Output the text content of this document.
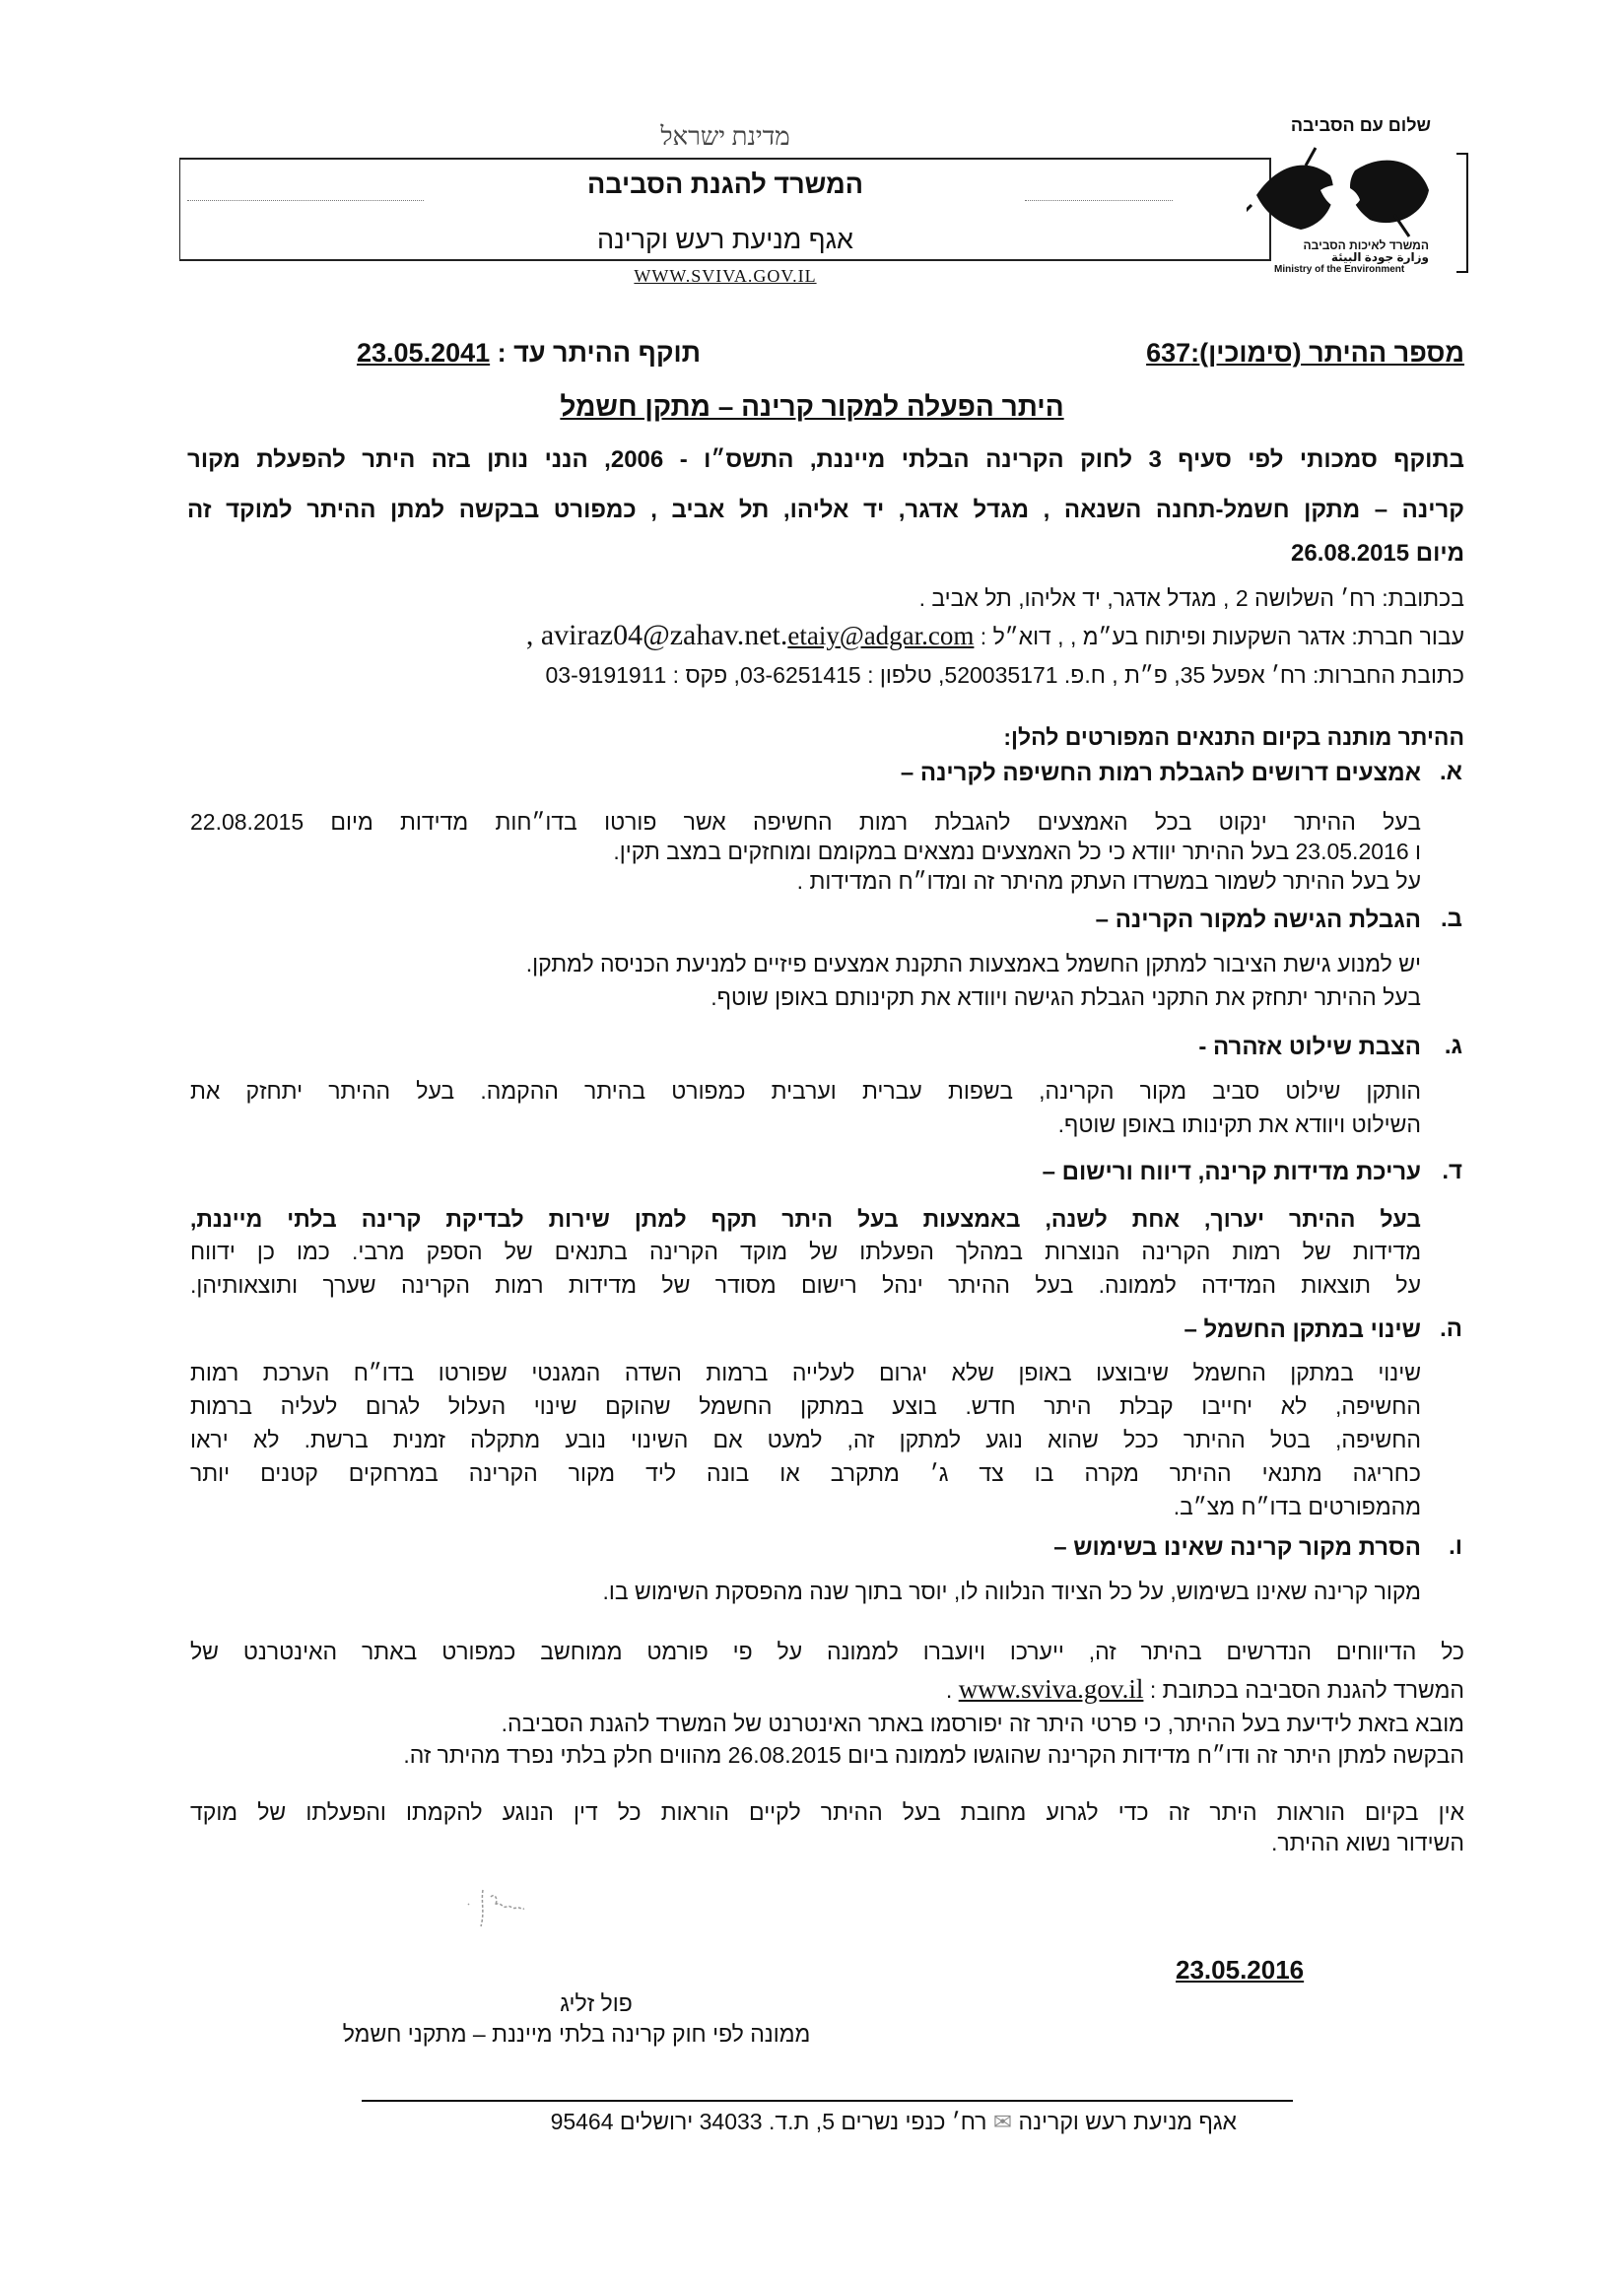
מדינת ישראל
המשרד להגנת הסביבה
אגף מניעת רעש וקרינה
WWW.SVIVA.GOV.IL
שלום עם הסביבה
המשרד לאיכות הסביבה
وزارة جودة البيئة
Ministry of the Environment
מספר ההיתר (סימוכין):637
תוקף ההיתר עד : 23.05.2041
היתר הפעלה למקור קרינה – מתקן חשמל
בתוקף סמכותי לפי סעיף 3 לחוק הקרינה הבלתי מייננת, התשס״ו - 2006, הנני נותן בזה היתר להפעלת מקור
קרינה – מתקן חשמל-תחנה השנאה , מגדל אדגר, יד אליהו, תל אביב , כמפורט בבקשה למתן ההיתר למוקד זה
מיום 26.08.2015
בכתובת: רח׳ השלושה 2 , מגדל אדגר, יד אליהו, תל אביב .
עבור חברת: אדגר השקעות ופיתוח בע״מ , , דוא״ל : etaiy@adgar.com, aviraz04@zahav.net.
כתובת החברות: רח׳ אפעל 35, פ״ת , ח.פ. 520035171, טלפון : 03-6251415, פקס : 03-9191911
ההיתר מותנה בקיום התנאים המפורטים להלן:
א.
אמצעים דרושים להגבלת רמות החשיפה לקרינה –
בעל ההיתר ינקוט בכל האמצעים להגבלת רמות החשיפה אשר פורטו בדו״חות מדידות מיום 22.08.2015
ו 23.05.2016 בעל ההיתר יוודא כי כל האמצעים נמצאים במקומם ומוחזקים במצב תקין.
על בעל ההיתר לשמור במשרדו העתק מהיתר זה ומדו״ח המדידות .
ב.
הגבלת הגישה למקור הקרינה –
יש למנוע גישת הציבור למתקן החשמל באמצעות התקנת אמצעים פיזיים למניעת הכניסה למתקן.
בעל ההיתר יתחזק את התקני הגבלת הגישה ויוודא את תקינותם באופן שוטף.
ג.
הצבת שילוט אזהרה -
הותקן שילוט סביב מקור הקרינה, בשפות עברית וערבית כמפורט בהיתר ההקמה. בעל ההיתר יתחזק את
השילוט ויוודא את תקינותו באופן שוטף.
ד.
עריכת מדידות קרינה, דיווח ורישום –
בעל ההיתר יערוך, אחת לשנה, באמצעות בעל היתר תקף למתן שירות לבדיקת קרינה בלתי מייננת,
מדידות של רמות הקרינה הנוצרות במהלך הפעלתו של מוקד הקרינה בתנאים של הספק מרבי. כמו כן ידווח
על תוצאות המדידה לממונה. בעל ההיתר ינהל רישום מסודר של מדידות רמות הקרינה שערך ותוצאותיהן.
ה.
שינוי במתקן החשמל –
שינוי במתקן החשמל שיבוצעו באופן שלא יגרום לעלייה ברמות השדה המגנטי שפורטו בדו״ח הערכת רמות
החשיפה, לא יחייבו קבלת היתר חדש. בוצע במתקן החשמל שהוקם שינוי העלול לגרום לעליה ברמות
החשיפה, בטל ההיתר ככל שהוא נוגע למתקן זה, למעט אם השינוי נובע מתקלה זמנית ברשת. לא יראו
כחריגה מתנאי ההיתר מקרה בו צד ג׳ מתקרב או בונה ליד מקור הקרינה במרחקים קטנים יותר
מהמפורטים בדו״ח מצ״ב.
ו.
הסרת מקור קרינה שאינו בשימוש –
מקור קרינה שאינו בשימוש, על כל הציוד הנלווה לו, יוסר בתוך שנה מהפסקת השימוש בו.
כל הדיווחים הנדרשים בהיתר זה, ייערכו ויועברו לממונה על פי פורמט ממוחשב כמפורט באתר האינטרנט של
המשרד להגנת הסביבה בכתובת : www.sviva.gov.il .
מובא בזאת לידיעת בעל ההיתר, כי פרטי היתר זה יפורסמו באתר האינטרנט של המשרד להגנת הסביבה.
הבקשה למתן היתר זה ודו״ח מדידות הקרינה שהוגשו לממונה ביום 26.08.2015 מהווים חלק בלתי נפרד מהיתר זה.
אין בקיום הוראות היתר זה כדי לגרוע מחובת בעל ההיתר לקיים הוראות כל דין הנוגע להקמתו והפעלתו של מוקד
השידור נשוא ההיתר.
23.05.2016
פול זליג
ממונה לפי חוק קרינה בלתי מייננת – מתקני חשמל
אגף מניעת רעש וקרינה ✉ רח׳ כנפי נשרים 5, ת.ד. 34033 ירושלים 95464
